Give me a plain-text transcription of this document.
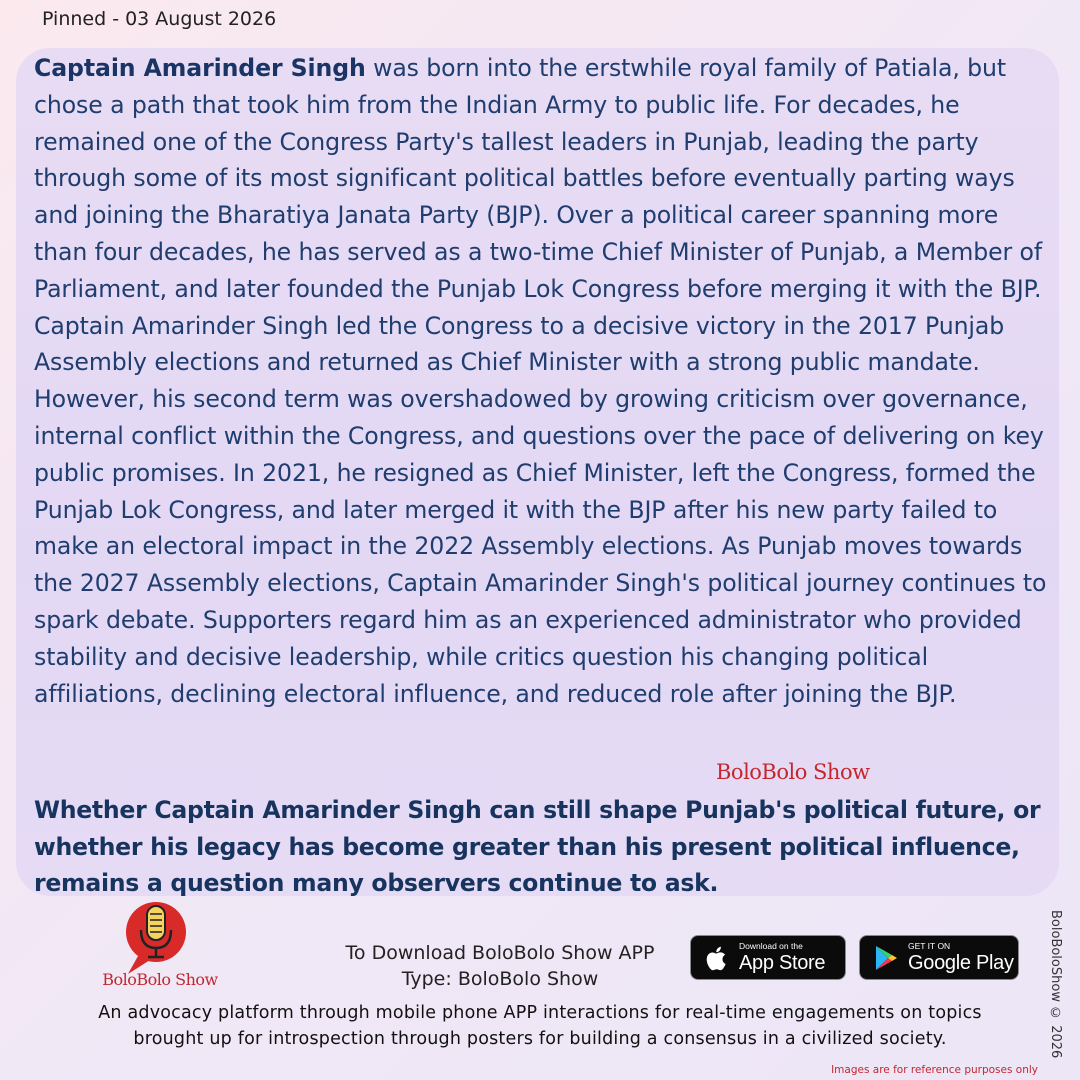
Pinned - 03 August 2026

Captain Amarinder Singh was born into the erstwhile royal family of Patiala, but chose a path that took him from the Indian Army to public life. For decades, he remained one of the Congress Party's tallest leaders in Punjab, leading the party through some of its most significant political battles before eventually parting ways and joining the Bharatiya Janata Party (BJP). Over a political career spanning more than four decades, he has served as a two-time Chief Minister of Punjab, a Member of Parliament, and later founded the Punjab Lok Congress before merging it with the BJP. Captain Amarinder Singh led the Congress to a decisive victory in the 2017 Punjab Assembly elections and returned as Chief Minister with a strong public mandate. However, his second term was overshadowed by growing criticism over governance, internal conflict within the Congress, and questions over the pace of delivering on key public promises. In 2021, he resigned as Chief Minister, left the Congress, formed the Punjab Lok Congress, and later merged it with the BJP after his new party failed to make an electoral impact in the 2022 Assembly elections. As Punjab moves towards the 2027 Assembly elections, Captain Amarinder Singh's political journey continues to spark debate. Supporters regard him as an experienced administrator who provided stability and decisive leadership, while critics question his changing political affiliations, declining electoral influence, and reduced role after joining the BJP.

BoloBolo Show

Whether Captain Amarinder Singh can still shape Punjab's political future, or whether his legacy has become greater than his present political influence, remains a question many observers continue to ask.

BoloBolo Show
To Download BoloBolo Show APP
Type: BoloBolo Show
Download on the
App Store
GET IT ON
Google Play
An advocacy platform through mobile phone APP interactions for real-time engagements on topics
brought up for introspection through posters for building a consensus in a civilized society.	BoloBoloShow © 2026
Images are for reference purposes only
